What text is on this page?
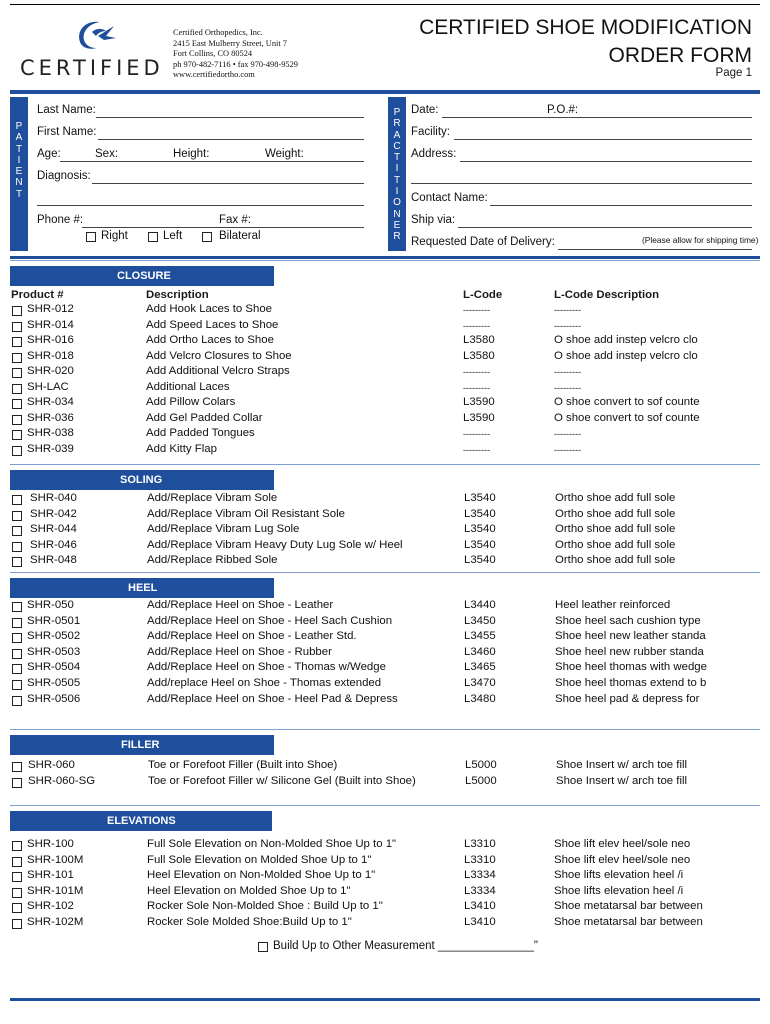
CERTIFIED
Certified Orthopedics, Inc.
2415 East Mulberry Street, Unit 7
Fort Collins, CO 80524
ph 970-482-7116 • fax 970-498-9529
www.certifiedortho.com
CERTIFIED SHOE MODIFICATION
ORDER FORM
Page 1
P
A
T
I
E
N
T
Last Name:
First Name:
Age:	Sex:	Height:	Weight:
Diagnosis:
Phone #:	Fax #:
Right	Left	Bilateral
P
R
A
C
T
I
T
I
O
N
E
R
Date:	P.O.#:
Facility:
Address:
Contact Name:
Ship via:
Requested Date of Delivery:	(Please allow for shipping time)
Product #	Description	L-Code	L-Code Description
CLOSURE
SHR-012	Add Hook Laces to Shoe	---------	---------
SHR-014	Add Speed Laces to Shoe	---------	---------
SHR-016	Add Ortho Laces to Shoe	L3580	O shoe add instep velcro clo
SHR-018	Add Velcro Closures to Shoe	L3580	O shoe add instep velcro clo
SHR-020	Add Additional Velcro Straps	---------	---------
SH-LAC	Additional Laces	---------	---------
SHR-034	Add Pillow Colars	L3590	O shoe convert to sof counte
SHR-036	Add Gel Padded Collar	L3590	O shoe convert to sof counte
SHR-038	Add Padded Tongues	---------	---------
SHR-039	Add Kitty Flap	---------	---------
SOLING
SHR-040	Add/Replace Vibram Sole	L3540	Ortho shoe add full sole
SHR-042	Add/Replace Vibram Oil Resistant Sole	L3540	Ortho shoe add full sole
SHR-044	Add/Replace Vibram Lug Sole	L3540	Ortho shoe add full sole
SHR-046	Add/Replace Vibram Heavy Duty Lug Sole w/ Heel	L3540	Ortho shoe add full sole
SHR-048	Add/Replace Ribbed Sole	L3540	Ortho shoe add full sole
HEEL
SHR-050	Add/Replace Heel on Shoe - Leather	L3440	Heel leather reinforced
SHR-0501	Add/Replace Heel on Shoe - Heel Sach Cushion	L3450	Shoe heel sach cushion type
SHR-0502	Add/Replace Heel on Shoe - Leather Std.	L3455	Shoe heel new leather standa
SHR-0503	Add/Replace Heel on Shoe - Rubber	L3460	Shoe heel new rubber standa
SHR-0504	Add/Replace Heel on Shoe - Thomas w/Wedge	L3465	Shoe heel thomas with wedge
SHR-0505	Add/replace Heel on Shoe - Thomas extended	L3470	Shoe heel thomas extend to b
SHR-0506	Add/Replace Heel on Shoe - Heel Pad & Depress	L3480	Shoe heel pad & depress for
FILLER
SHR-060	Toe or Forefoot Filler (Built into Shoe)	L5000	Shoe Insert w/ arch toe fill
SHR-060-SG	Toe or Forefoot Filler w/ Silicone Gel (Built into Shoe)	L5000	Shoe Insert w/ arch toe fill
ELEVATIONS
SHR-100	Full Sole Elevation on Non-Molded Shoe Up to 1"	L3310	Shoe lift elev heel/sole neo
SHR-100M	Full Sole Elevation on Molded Shoe Up to 1"	L3310	Shoe lift elev heel/sole neo
SHR-101	Heel Elevation on Non-Molded Shoe Up to 1"	L3334	Shoe lifts elevation heel /i
SHR-101M	Heel Elevation on Molded Shoe Up to 1"	L3334	Shoe lifts elevation heel /i
SHR-102	Rocker Sole Non-Molded Shoe : Build Up to 1"	L3410	Shoe metatarsal bar between
SHR-102M	Rocker Sole Molded Shoe:Build Up to 1"	L3410	Shoe metatarsal bar between
Build Up to Other Measurement _______________"
